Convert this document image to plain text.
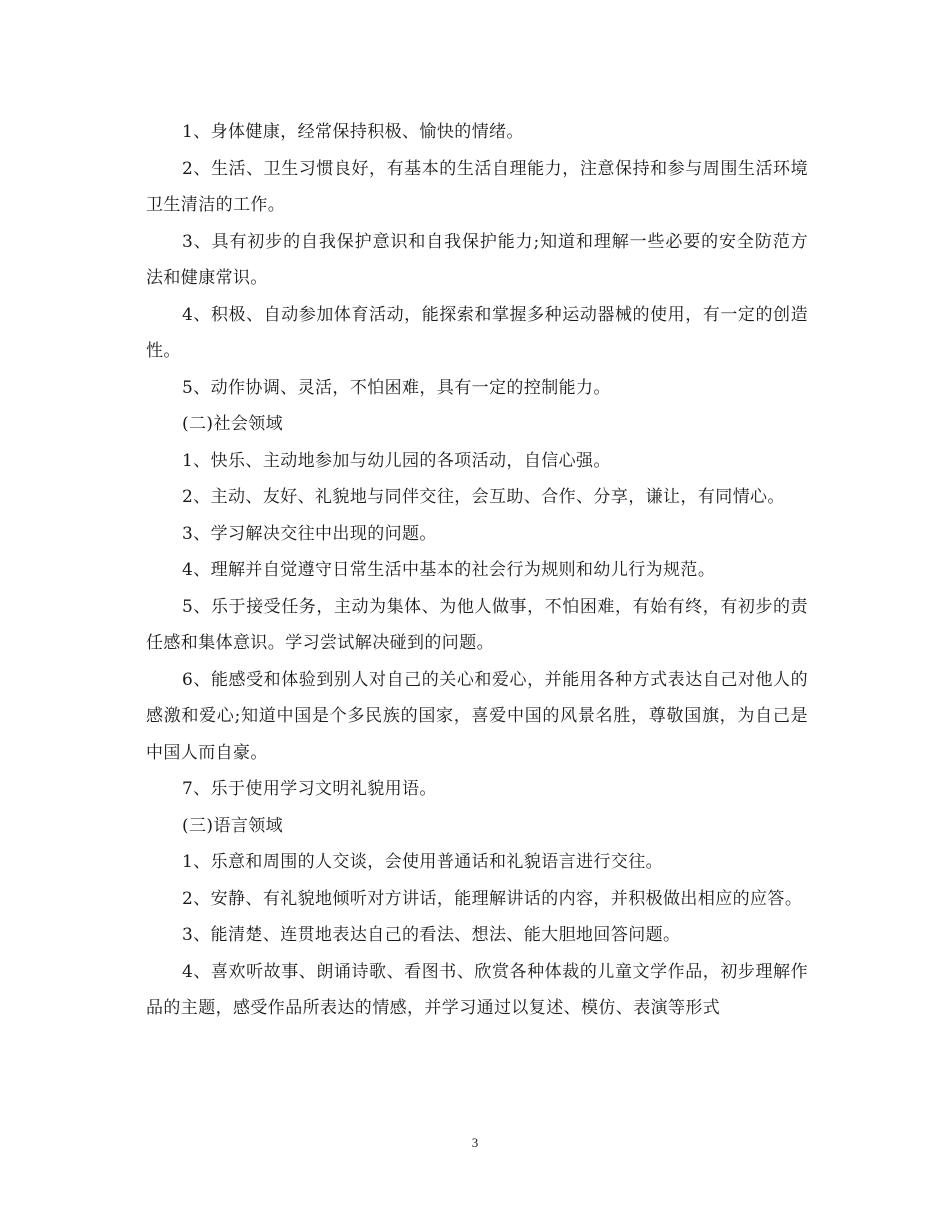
1、身体健康，经常保持积极、愉快的情绪。

2、生活、卫生习惯良好，有基本的生活自理能力，注意保持和参与周围生活环境卫生清洁的工作。

3、具有初步的自我保护意识和自我保护能力;知道和理解一些必要的安全防范方法和健康常识。

4、积极、自动参加体育活动，能探索和掌握多种运动器械的使用，有一定的创造性。

5、动作协调、灵活，不怕困难，具有一定的控制能力。

(二)社会领域

1、快乐、主动地参加与幼儿园的各项活动，自信心强。

2、主动、友好、礼貌地与同伴交往，会互助、合作、分享，谦让，有同情心。

3、学习解决交往中出现的问题。

4、理解并自觉遵守日常生活中基本的社会行为规则和幼儿行为规范。

5、乐于接受任务，主动为集体、为他人做事，不怕困难，有始有终，有初步的责任感和集体意识。学习尝试解决碰到的问题。

6、能感受和体验到别人对自己的关心和爱心，并能用各种方式表达自己对他人的感激和爱心;知道中国是个多民族的国家，喜爱中国的风景名胜，尊敬国旗，为自己是中国人而自豪。

7、乐于使用学习文明礼貌用语。

(三)语言领域

1、乐意和周围的人交谈，会使用普通话和礼貌语言进行交往。

2、安静、有礼貌地倾听对方讲话，能理解讲话的内容，并积极做出相应的应答。

3、能清楚、连贯地表达自己的看法、想法、能大胆地回答问题。

4、喜欢听故事、朗诵诗歌、看图书、欣赏各种体裁的儿童文学作品，初步理解作品的主题，感受作品所表达的情感，并学习通过以复述、模仿、表演等形式

3
